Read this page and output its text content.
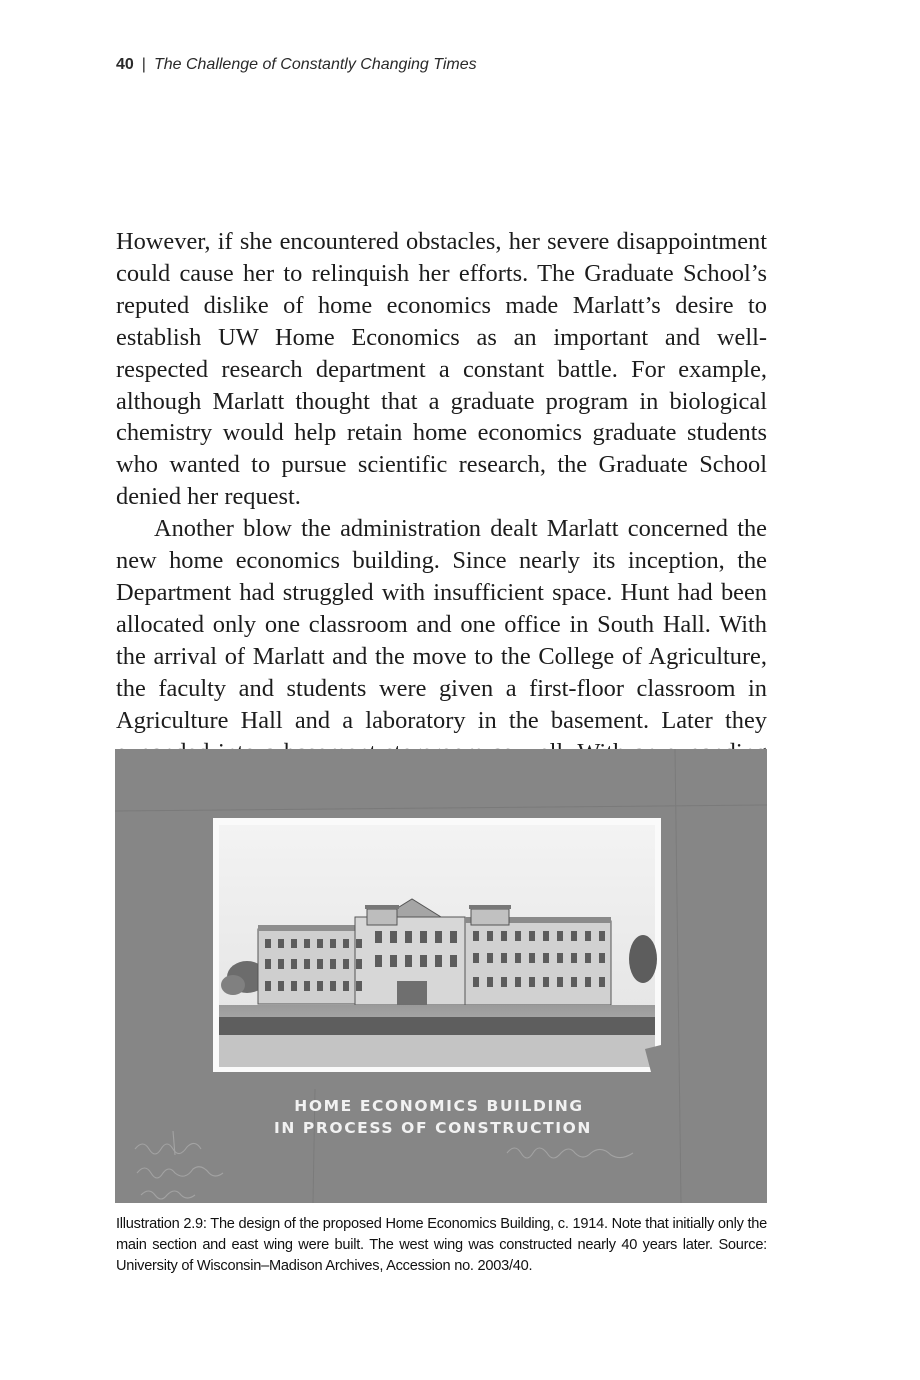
40 | The Challenge of Constantly Changing Times

However, if she encountered obstacles, her severe disappointment could cause her to relinquish her efforts. The Graduate School’s reputed dislike of home economics made Marlatt’s desire to establish UW Home Economics as an important and well-respected research department a constant battle. For example, although Marlatt thought that a graduate program in biological chemistry would help retain home economics graduate students who wanted to pursue scientific research, the Graduate School denied her request.

Another blow the administration dealt Marlatt concerned the new home economics building. Since nearly its inception, the Department had struggled with insufficient space. Hunt had been allocated only one classroom and one office in South Hall. With the arrival of Marlatt and the move to the College of Agriculture, the faculty and students were given a first-floor classroom in Agriculture Hall and a laboratory in the basement. Later they

HOME ECONOMICS BUILDING
IN PROCESS OF CONSTRUCTION
Illustration 2.9: The design of the proposed Home Economics Building, c. 1914. Note that initially only the main section and east wing were built. The west wing was constructed nearly 40 years later. Source: University of Wisconsin–Madison Archives, Accession no. 2003/40.
